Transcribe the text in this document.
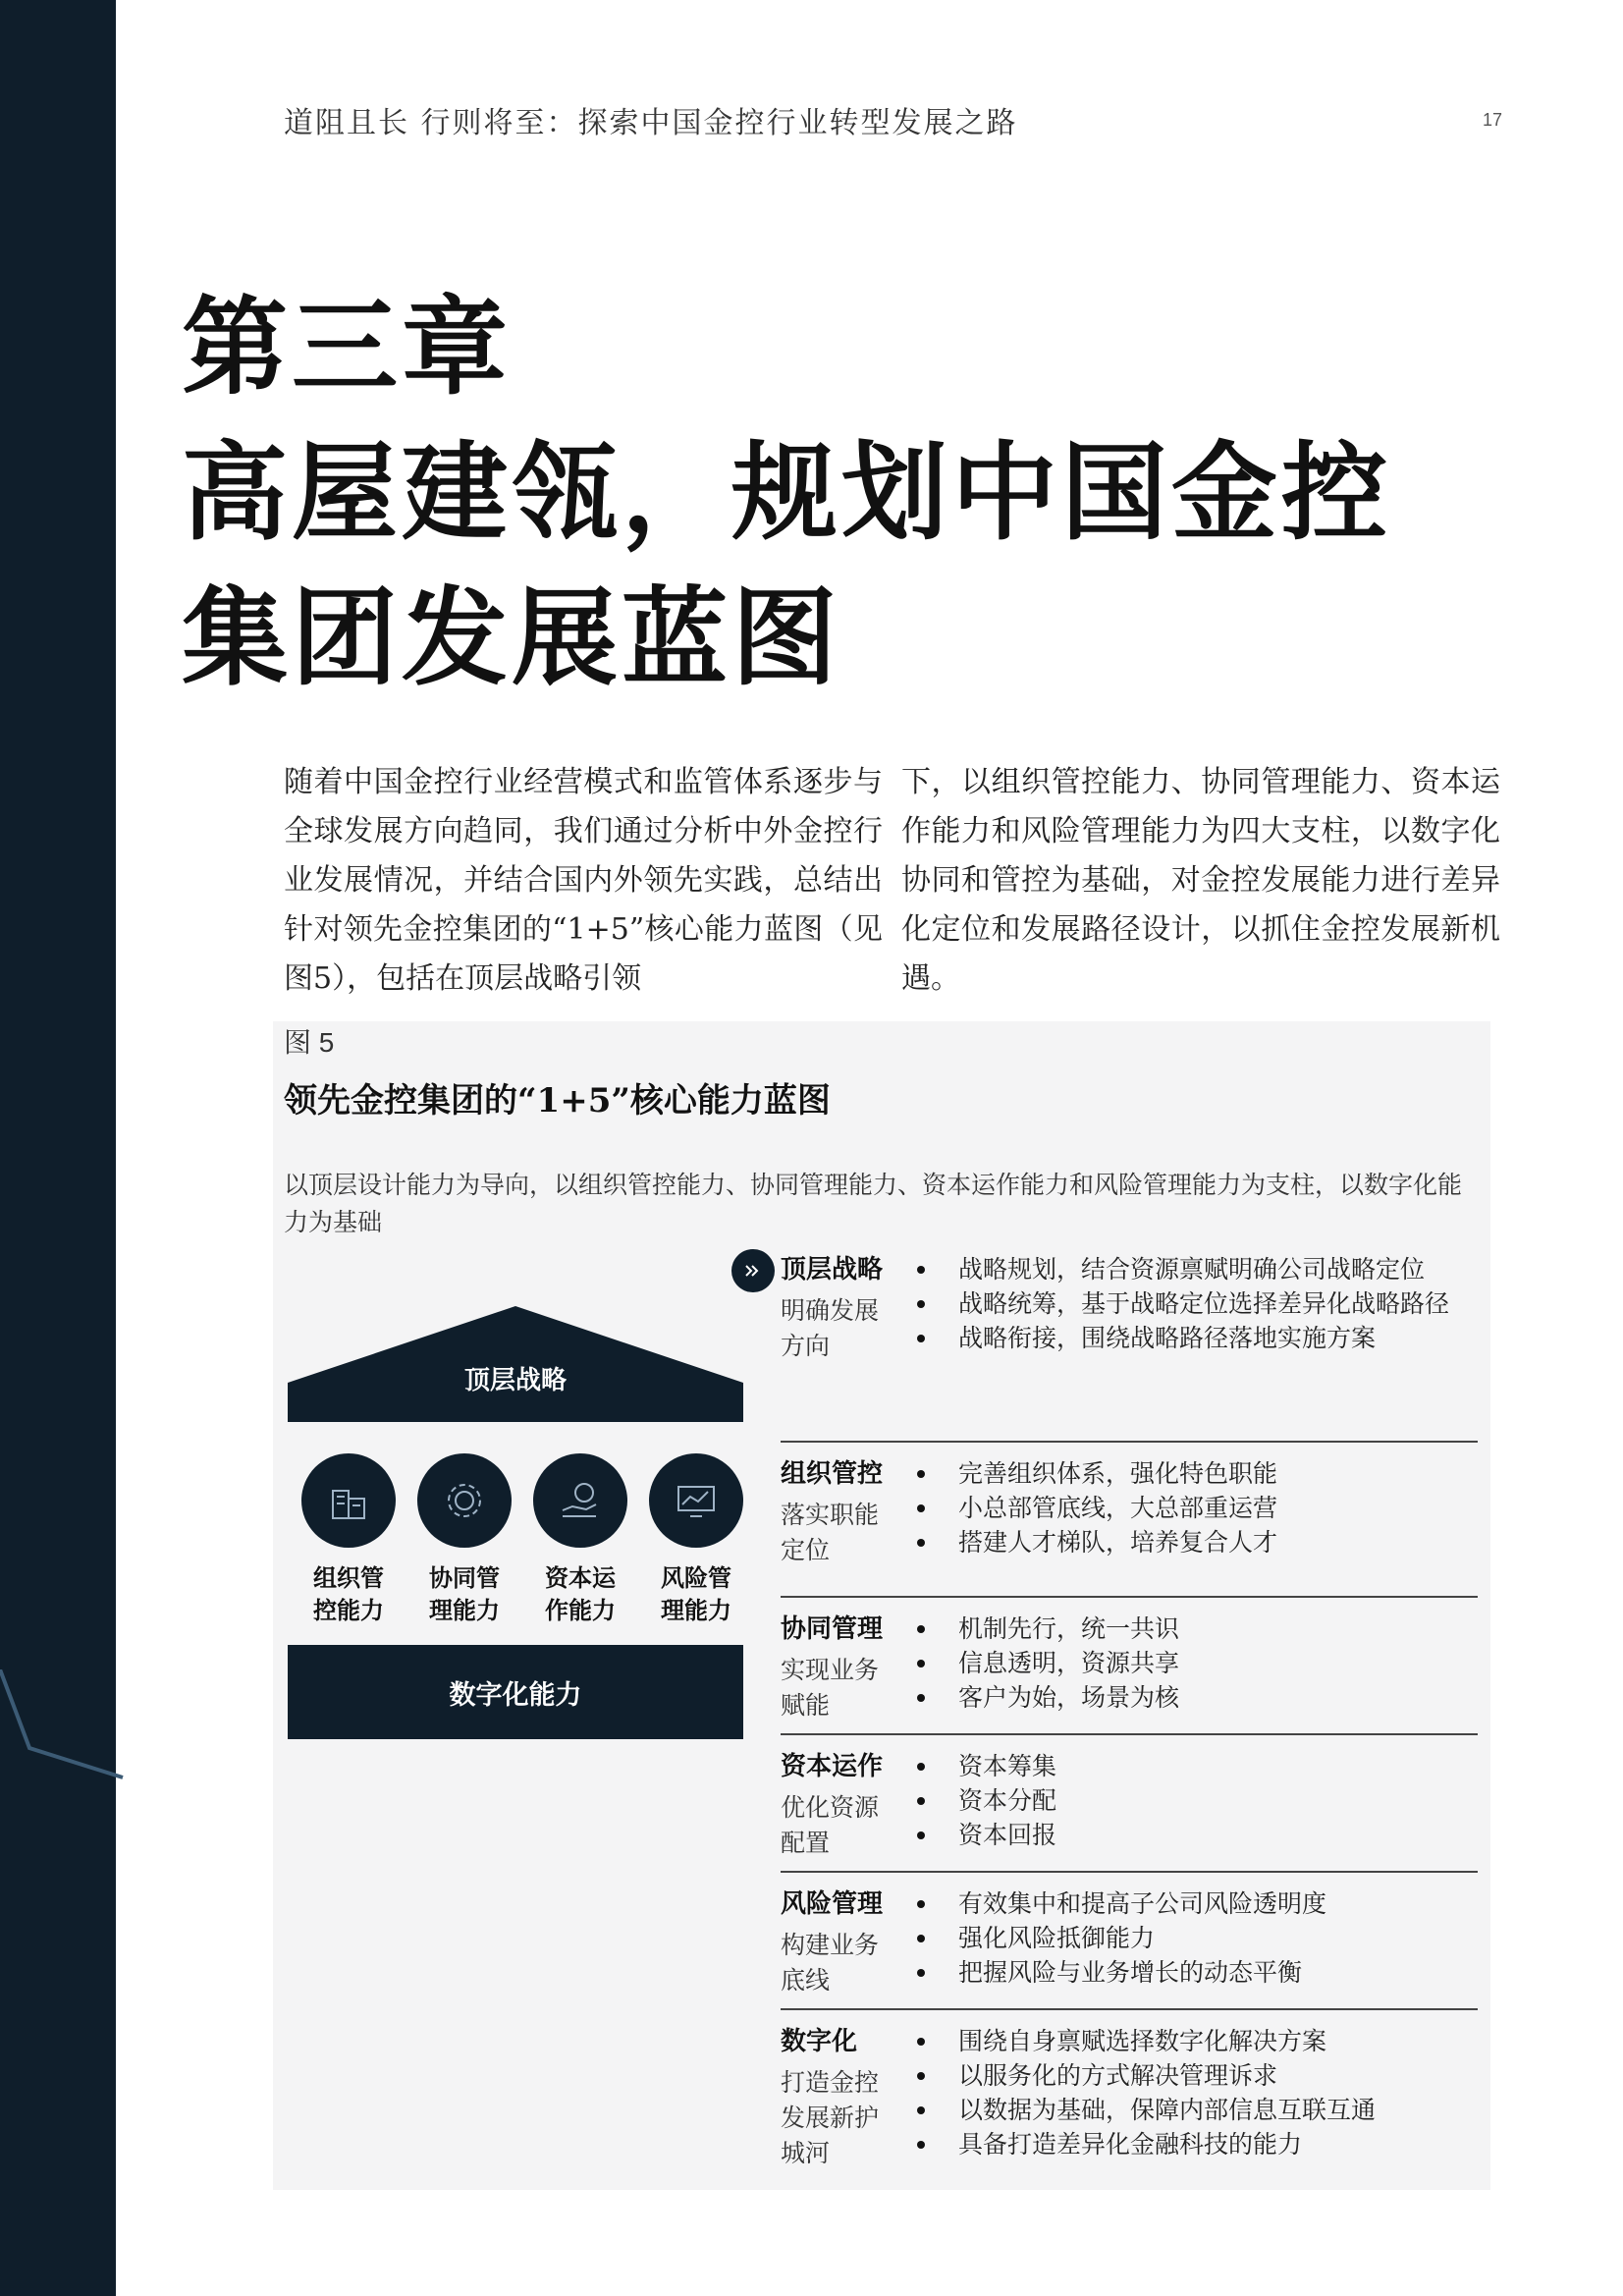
道阻且长 行则将至：探索中国金控行业转型发展之路	17
第三章
高屋建瓴，规划中国金控
集团发展蓝图
随着中国金控行业经营模式和监管体系逐步与全球发展方向趋同，我们通过分析中外金控行业发展情况，并结合国内外领先实践，总结出针对领先金控集团的“1+5”核心能力蓝图（见图5），包括在顶层战略引领
下，以组织管控能力、协同管理能力、资本运作能力和风险管理能力为四大支柱，以数字化协同和管控为基础，对金控发展能力进行差异化定位和发展路径设计，以抓住金控发展新机遇。
图 5
领先金控集团的“1+5”核心能力蓝图
以顶层设计能力为导向，以组织管控能力、协同管理能力、资本运作能力和风险管理能力为支柱，以数字化能力为基础
顶层战略
组织管
控能力
协同管
理能力
资本运
作能力
风险管
理能力
数字化能力
顶层战略
明确发展
方向
战略规划，结合资源禀赋明确公司战略定位
战略统筹，基于战略定位选择差异化战略路径
战略衔接，围绕战略路径落地实施方案
组织管控
落实职能
定位
完善组织体系，强化特色职能
小总部管底线，大总部重运营
搭建人才梯队，培养复合人才
协同管理
实现业务
赋能
机制先行，统一共识
信息透明，资源共享
客户为始，场景为核
资本运作
优化资源
配置
资本筹集
资本分配
资本回报
风险管理
构建业务
底线
有效集中和提高子公司风险透明度
强化风险抵御能力
把握风险与业务增长的动态平衡
数字化
打造金控
发展新护
城河
围绕自身禀赋选择数字化解决方案
以服务化的方式解决管理诉求
以数据为基础，保障内部信息互联互通
具备打造差异化金融科技的能力
